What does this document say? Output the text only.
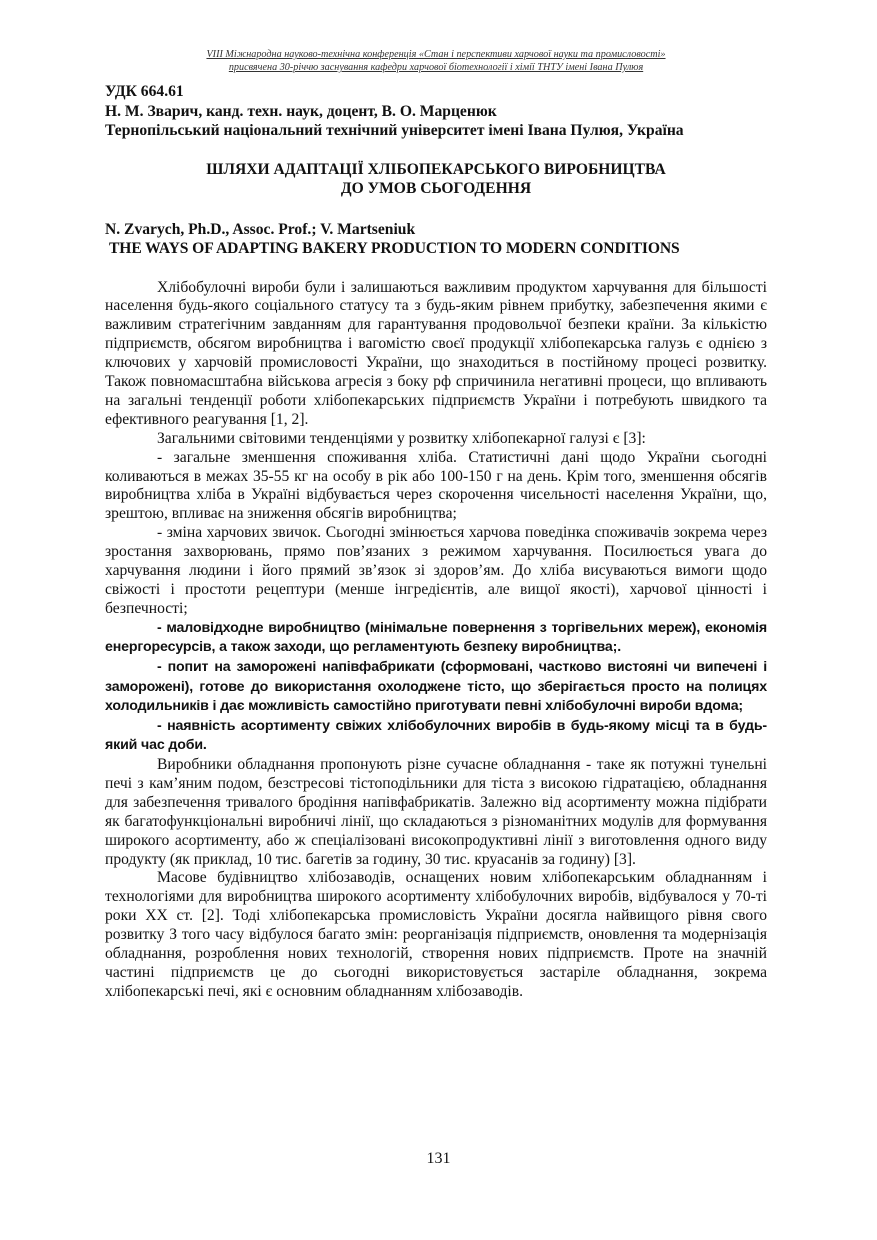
VIII Міжнародна науково-технічна конференція «Стан і перспективи харчової науки та промисловості»
присвячена 30-річчю заснування кафедри харчової біотехнології і хімії ТНТУ імені Івана Пулюя
УДК 664.61
Н. М. Зварич, канд. техн. наук, доцент, В. О. Марценюк
Тернопільський національний технічний університет імені Івана Пулюя, Україна
ШЛЯХИ АДАПТАЦІЇ ХЛІБОПЕКАРСЬКОГО ВИРОБНИЦТВА
ДО УМОВ СЬОГОДЕННЯ
N. Zvarych, Ph.D., Assoc. Prof.; V. Martseniuk
THE WAYS OF ADAPTING BAKERY PRODUCTION TO MODERN CONDITIONS

Хлібобулочні вироби були і залишаються важливим продуктом харчування для більшості населення будь-якого соціального статусу та з будь-яким рівнем прибутку, забезпечення якими є важливим стратегічним завданням для гарантування продовольчої безпеки країни. За кількістю підприємств, обсягом виробництва і вагомістю своєї продукції хлібопекарська галузь є однією з ключових у харчовій промисловості України, що знаходиться в постійному процесі розвитку. Також повномасштабна військова агресія з боку рф спричинила негативні процеси, що впливають на загальні тенденції роботи хлібопекарських підприємств України і потребують швидкого та ефективного реагування [1, 2].

Загальними світовими тенденціями у розвитку хлібопекарної галузі є [3]:

- загальне зменшення споживання хліба. Статистичні дані щодо України сьогодні коливаються в межах 35-55 кг на особу в рік або 100-150 г на день. Крім того, зменшення обсягів виробництва хліба в Україні відбувається через скорочення чисельності населення України, що, зрештою, впливає на зниження обсягів виробництва;

- зміна харчових звичок. Сьогодні змінюється харчова поведінка споживачів зокрема через зростання захворювань, прямо пов’язаних з режимом харчування. Посилюється увага до харчування людини і його прямий зв’язок зі здоров’ям. До хліба висуваються вимоги щодо свіжості і простоти рецептури (менше інгредієнтів, але вищої якості), харчової цінності і безпечності;

- маловідходне виробництво (мінімальне повернення з торгівельних мереж), економія енергоресурсів, а також заходи, що регламентують безпеку виробництва;.

- попит на заморожені напівфабрикати (сформовані, частково вистояні чи випечені і заморожені), готове до використання охолоджене тісто, що зберігається просто на полицях холодильників і дає можливість самостійно приготувати певні хлібобулочні вироби вдома;

- наявність асортименту свіжих хлібобулочних виробів в будь-якому місці та в будь-який час доби.

Виробники обладнання пропонують різне сучасне обладнання - таке як потужні тунельні печі з кам’яним подом, безстресові тістоподільники для тіста з високою гідратацією, обладнання для забезпечення тривалого бродіння напівфабрикатів. Залежно від асортименту можна підібрати як багатофункціональні виробничі лінії, що складаються з різноманітних модулів для формування широкого асортименту, або ж спеціалізовані високопродуктивні лінії з виготовлення одного виду продукту (як приклад, 10 тис. багетів за годину, 30 тис. круасанів за годину) [3].

Масове будівництво хлібозаводів, оснащених новим хлібопекарським обладнанням і технологіями для виробництва широкого асортименту хлібобулочних виробів, відбувалося у 70-ті роки XX ст. [2]. Тоді хлібопекарська промисловість України досягла найвищого рівня свого розвитку З того часу відбулося багато змін: реорганізація підприємств, оновлення та модернізація обладнання, розроблення нових технологій, створення нових підприємств. Проте на значній частині підприємств це до сьогодні використовується застаріле обладнання, зокрема хлібопекарські печі, які є основним обладнанням хлібозаводів.

131
